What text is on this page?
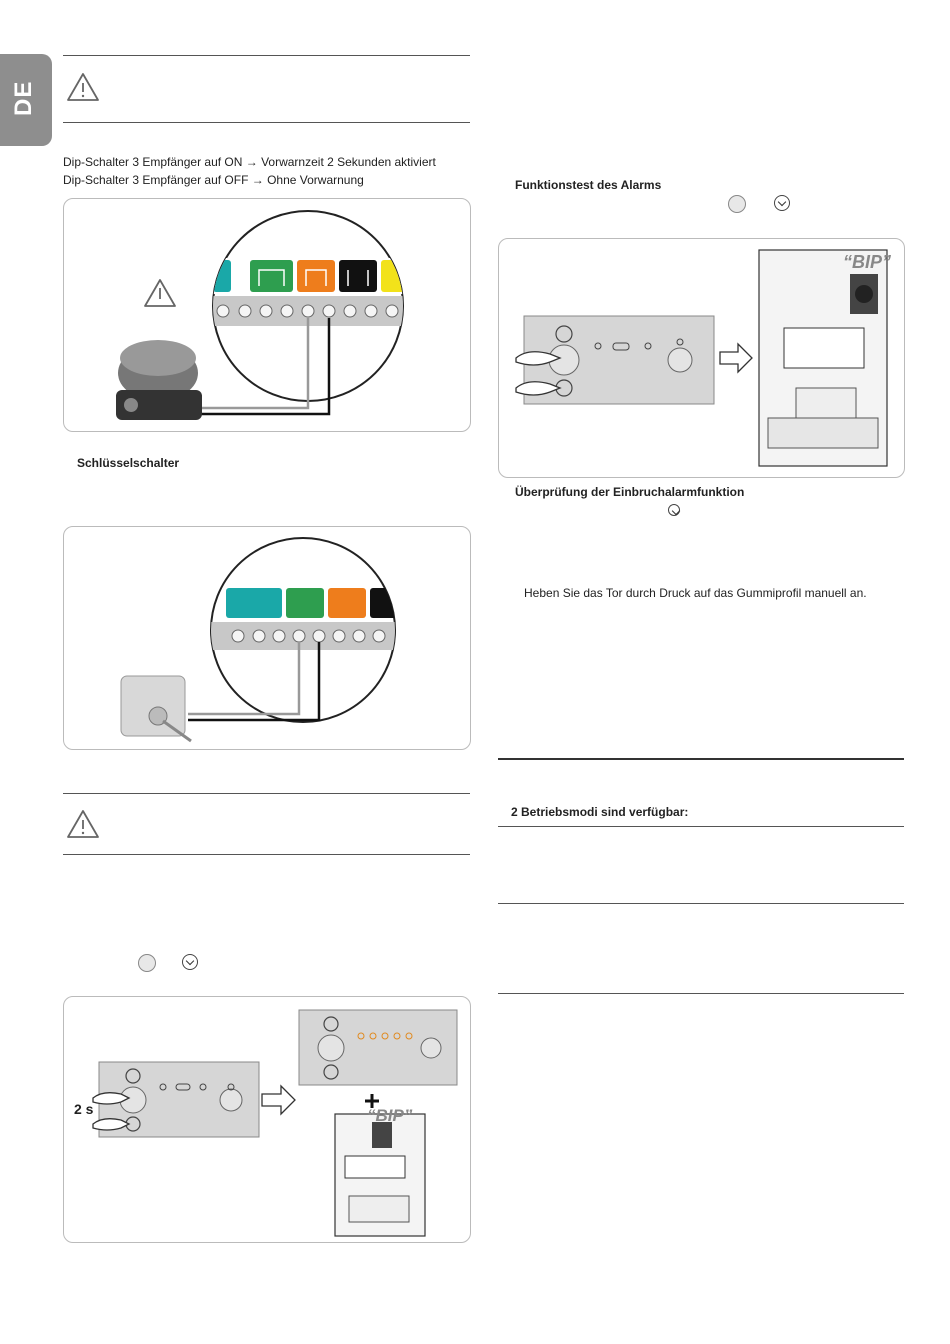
DE
Dip-Schalter 3 Empfänger auf ON → Vorwarnzeit 2 Sekunden aktiviert
Dip-Schalter 3 Empfänger auf OFF → Ohne Vorwarnung
Schlüsselschalter
2 s	“BIP”
Funktionstest des Alarms
“BIP”
Überprüfung der Einbruchalarmfunktion
Heben Sie das Tor durch Druck auf das Gummiprofil manuell an.
2 Betriebsmodi sind verfügbar:
